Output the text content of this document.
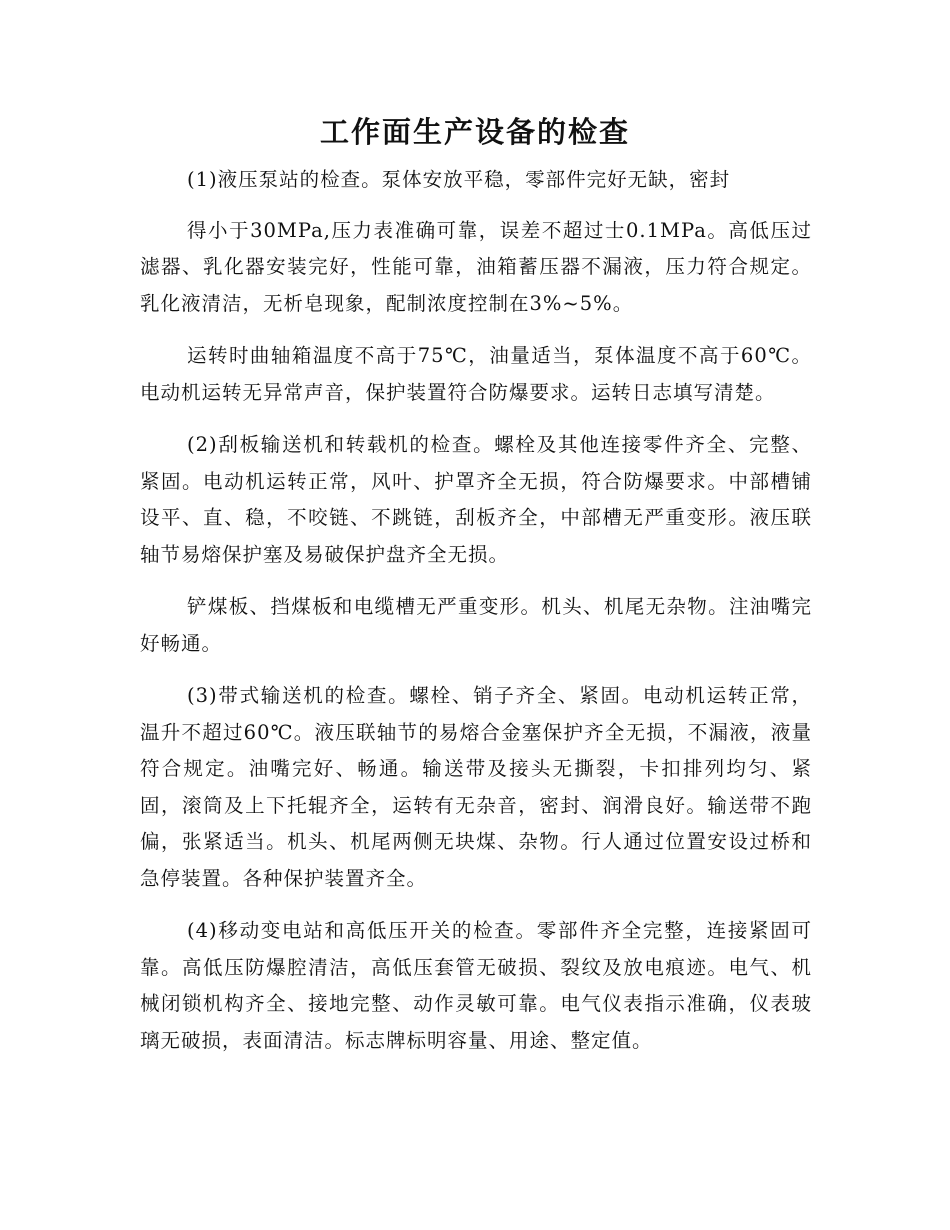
工作面生产设备的检查

(1)液压泵站的检查。泵体安放平稳，零部件完好无缺，密封

得小于30MPa,压力表准确可靠，误差不超过士0.1MPa。高低压过滤器、乳化器安装完好，性能可靠，油箱蓄压器不漏液，压力符合规定。乳化液清洁，无析皂现象，配制浓度控制在3%~5%。

运转时曲轴箱温度不高于75℃，油量适当，泵体温度不高于60℃。电动机运转无异常声音，保护装置符合防爆要求。运转日志填写清楚。

(2)刮板输送机和转载机的检查。螺栓及其他连接零件齐全、完整、紧固。电动机运转正常，风叶、护罩齐全无损，符合防爆要求。中部槽铺设平、直、稳，不咬链、不跳链，刮板齐全，中部槽无严重变形。液压联轴节易熔保护塞及易破保护盘齐全无损。

铲煤板、挡煤板和电缆槽无严重变形。机头、机尾无杂物。注油嘴完好畅通。

(3)带式输送机的检查。螺栓、销子齐全、紧固。电动机运转正常，温升不超过60℃。液压联轴节的易熔合金塞保护齐全无损，不漏液，液量符合规定。油嘴完好、畅通。输送带及接头无撕裂，卡扣排列均匀、紧固，滚筒及上下托辊齐全，运转有无杂音，密封、润滑良好。输送带不跑偏，张紧适当。机头、机尾两侧无块煤、杂物。行人通过位置安设过桥和急停装置。各种保护装置齐全。

(4)移动变电站和高低压开关的检查。零部件齐全完整，连接紧固可靠。高低压防爆腔清洁，高低压套管无破损、裂纹及放电痕迹。电气、机械闭锁机构齐全、接地完整、动作灵敏可靠。电气仪表指示准确，仪表玻璃无破损，表面清洁。标志牌标明容量、用途、整定值。
